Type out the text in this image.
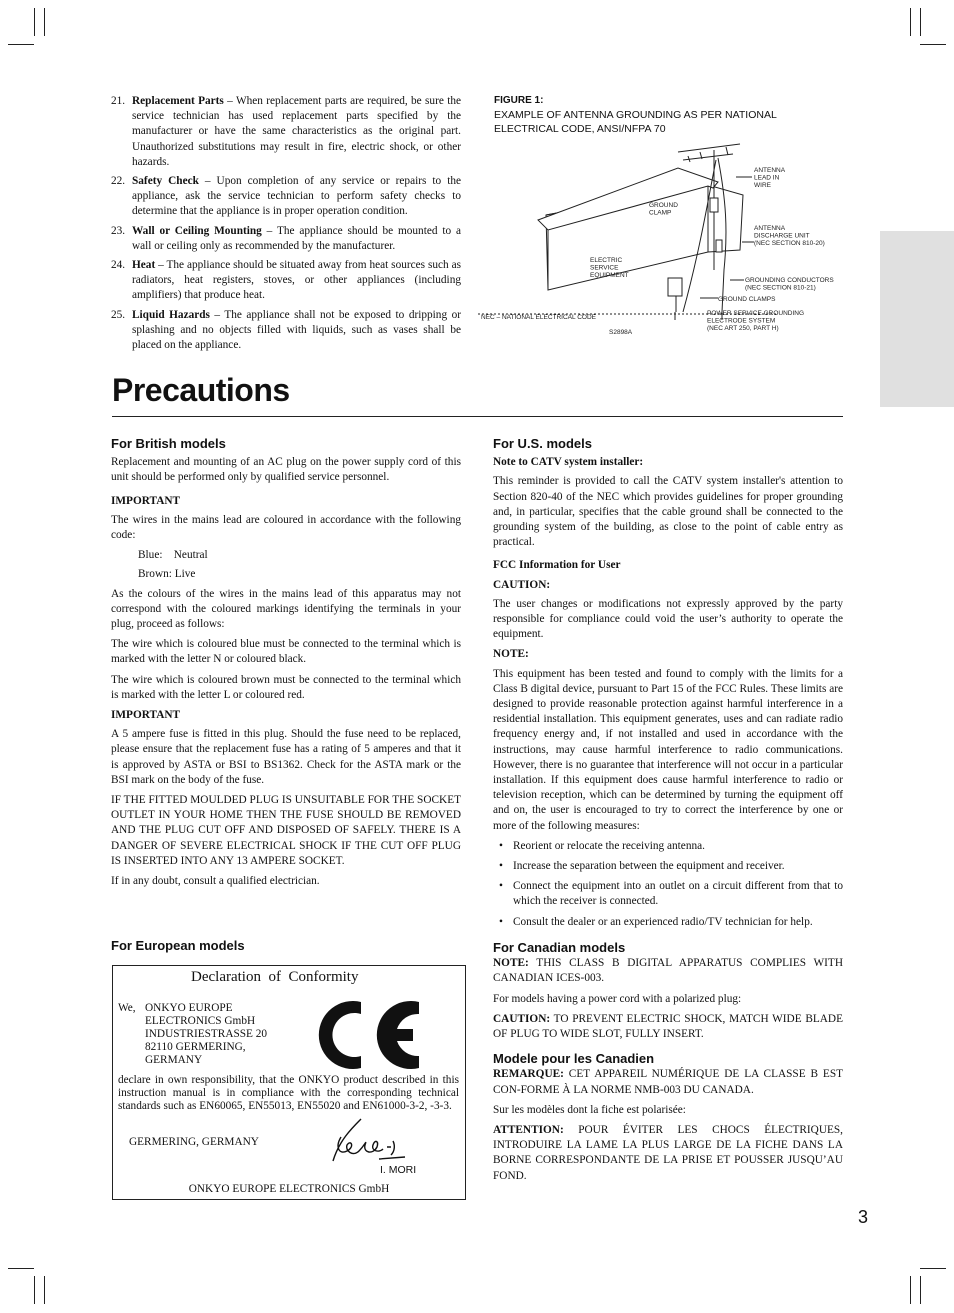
21. Replacement Parts – When replacement parts are required, be sure the service technician has used replacement parts specified by the manufacturer or have the same characteristics as the original part. Unauthorized substitutions may result in fire, electric shock, or other hazards.
22. Safety Check – Upon completion of any service or repairs to the appliance, ask the service technician to perform safety checks to determine that the appliance is in proper operation condition.
23. Wall or Ceiling Mounting – The appliance should be mounted to a wall or ceiling only as recommended by the manufacturer.
24. Heat – The appliance should be situated away from heat sources such as radiators, heat registers, stoves, or other appliances (including amplifiers) that produce heat.
25. Liquid Hazards – The appliance shall not be exposed to dripping or splashing and no objects filled with liquids, such as vases shall be placed on the appliance.
FIGURE 1:
EXAMPLE OF ANTENNA GROUNDING AS PER NATIONAL
ELECTRICAL CODE, ANSI/NFPA 70
ANTENNA LEAD IN WIRE
GROUND CLAMP
ANTENNA DISCHARGE UNIT (NEC SECTION 810-20)
ELECTRIC SERVICE EQUIPMENT
GROUNDING CONDUCTORS (NEC SECTION 810-21)
GROUND CLAMPS
NEC – NATIONAL ELECTRICAL CODE
POWER SERVICE GROUNDING ELECTRODE SYSTEM (NEC ART 250, PART H)
S2898A
Precautions
For British models

Replacement and mounting of an AC plug on the power supply cord of this unit should be performed only by qualified service personnel.

IMPORTANT

The wires in the mains lead are coloured in accordance with the following code:

Blue:    Neutral
Brown: Live

As the colours of the wires in the mains lead of this apparatus may not correspond with the coloured markings identifying the terminals in your plug, proceed as follows:

The wire which is coloured blue must be connected to the terminal which is marked with the letter N or coloured black.

The wire which is coloured brown must be connected to the terminal which is marked with the letter L or coloured red.

IMPORTANT

A 5 ampere fuse is fitted in this plug. Should the fuse need to be replaced, please ensure that the replacement fuse has a rating of 5 amperes and that it is approved by ASTA or BSI to BS1362. Check for the ASTA mark or the BSI mark on the body of the fuse.

IF THE FITTED MOULDED PLUG IS UNSUITABLE FOR THE SOCKET OUTLET IN YOUR HOME THEN THE FUSE SHOULD BE REMOVED AND THE PLUG CUT OFF AND DISPOSED OF SAFELY. THERE IS A DANGER OF SEVERE ELECTRICAL SHOCK IF THE CUT OFF PLUG IS INSERTED INTO ANY 13 AMPERE SOCKET.

If in any doubt, consult a qualified electrician.

For European models
Declaration  of  Conformity
We, ONKYO EUROPE
ELECTRONICS GmbH
INDUSTRIESTRASSE 20
82110 GERMERING,
GERMANY
declare in own responsibility, that the ONKYO product described in this instruction manual is in compliance with the corresponding technical standards such as EN60065, EN55013, EN55020 and EN61000-3-2, -3-3.
GERMERING, GERMANY
I. MORI
ONKYO EUROPE ELECTRONICS GmbH
For U.S. models
Note to CATV system installer:

This reminder is provided to call the CATV system installer's attention to Section 820-40 of the NEC which provides guidelines for proper grounding and, in particular, specifies that the cable ground shall be connected to the grounding system of the building, as close to the point of cable entry as practical.

FCC Information for User
CAUTION:

The user changes or modifications not expressly approved by the party responsible for compliance could void the user’s authority to operate the equipment.

NOTE:

This equipment has been tested and found to comply with the limits for a Class B digital device, pursuant to Part 15 of the FCC Rules. These limits are designed to provide reasonable protection against harmful interference in a residential installation. This equipment generates, uses and can radiate radio frequency energy and, if not installed and used in accordance with the instructions, may cause harmful interference to radio communications. However, there is no guarantee that interference will not occur in a particular installation. If this equipment does cause harmful interference to radio or television reception, which can be determined by turning the equipment off and on, the user is encouraged to try to correct the interference by one or more of the following measures:

• Reorient or relocate the receiving antenna.
• Increase the separation between the equipment and receiver.
• Connect the equipment into an outlet on a circuit different from that to which the receiver is connected.
• Consult the dealer or an experienced radio/TV technician for help.
For Canadian models

NOTE: THIS CLASS B DIGITAL APPARATUS COMPLIES WITH CANADIAN ICES-003.

For models having a power cord with a polarized plug:

CAUTION: TO PREVENT ELECTRIC SHOCK, MATCH WIDE BLADE OF PLUG TO WIDE SLOT, FULLY INSERT.

Modele pour les Canadien

REMARQUE: CET APPAREIL NUMÉRIQUE DE LA CLASSE B EST CON-FORME À LA NORME NMB-003 DU CANADA.

Sur les modèles dont la fiche est polarisée:

ATTENTION: POUR ÉVITER LES CHOCS ÉLECTRIQUES, INTRODUIRE LA LAME LA PLUS LARGE DE LA FICHE DANS LA BORNE CORRESPONDANTE DE LA PRISE ET POUSSER JUSQU’AU FOND.

3
